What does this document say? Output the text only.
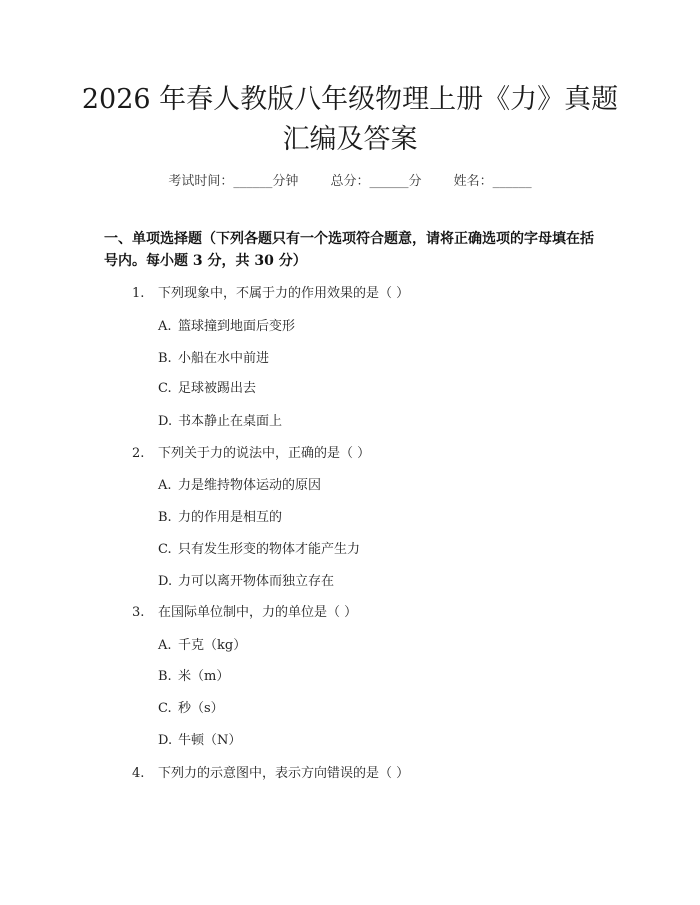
2026 年春人教版八年级物理上册《力》真题
汇编及答案
考试时间：______分钟 总分：______分 姓名：______
一、单项选择题（下列各题只有一个选项符合题意，请将正确选项的字母填在括号内。每小题 3 分，共 30 分）
1. 下列现象中，不属于力的作用效果的是（ ）
A. 篮球撞到地面后变形
B. 小船在水中前进
C. 足球被踢出去
D. 书本静止在桌面上
2. 下列关于力的说法中，正确的是（ ）
A. 力是维持物体运动的原因
B. 力的作用是相互的
C. 只有发生形变的物体才能产生力
D. 力可以离开物体而独立存在
3. 在国际单位制中，力的单位是（ ）
A. 千克（kg）
B. 米（m）
C. 秒（s）
D. 牛顿（N）
4. 下列力的示意图中，表示方向错误的是（ ）
